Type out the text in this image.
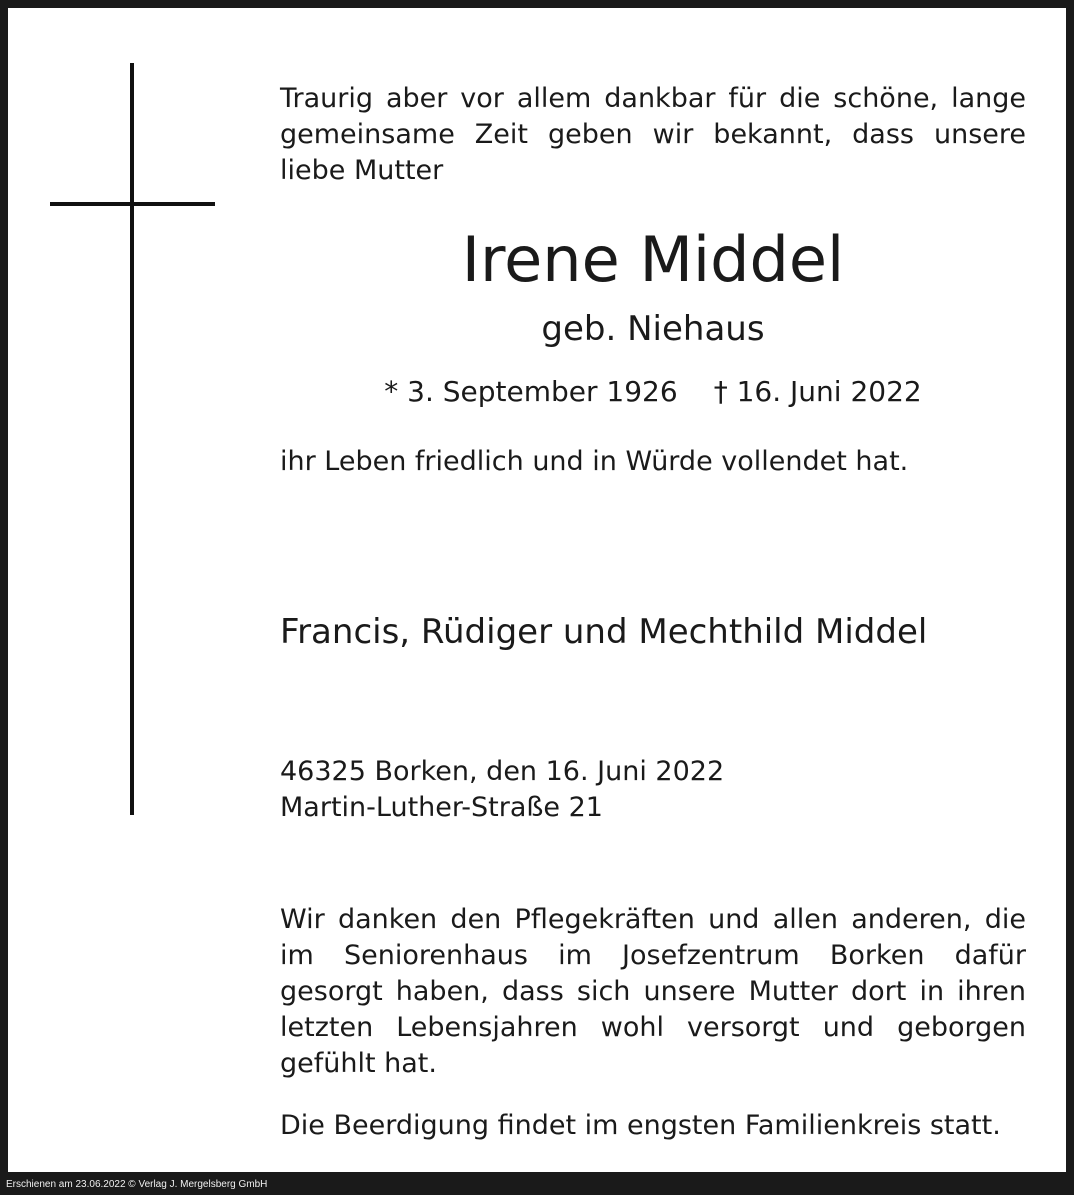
Traurig aber vor allem dankbar für die schöne, lange gemeinsame Zeit geben wir bekannt, dass unsere liebe Mutter

Irene Middel
geb. Niehaus
* 3. September 1926 † 16. Juni 2022
ihr Leben friedlich und in Würde vollendet hat.
Francis, Rüdiger und Mechthild Middel
46325 Borken, den 16. Juni 2022
Martin-Luther-Straße 21

Wir danken den Pflegekräften und allen anderen, die im Seniorenhaus im Josefzentrum Borken dafür gesorgt haben, dass sich unsere Mutter dort in ihren letzten Lebensjahren wohl versorgt und geborgen gefühlt hat.

Die Beerdigung findet im engsten Familienkreis statt.
Erschienen am 23.06.2022 © Verlag J. Mergelsberg GmbH
